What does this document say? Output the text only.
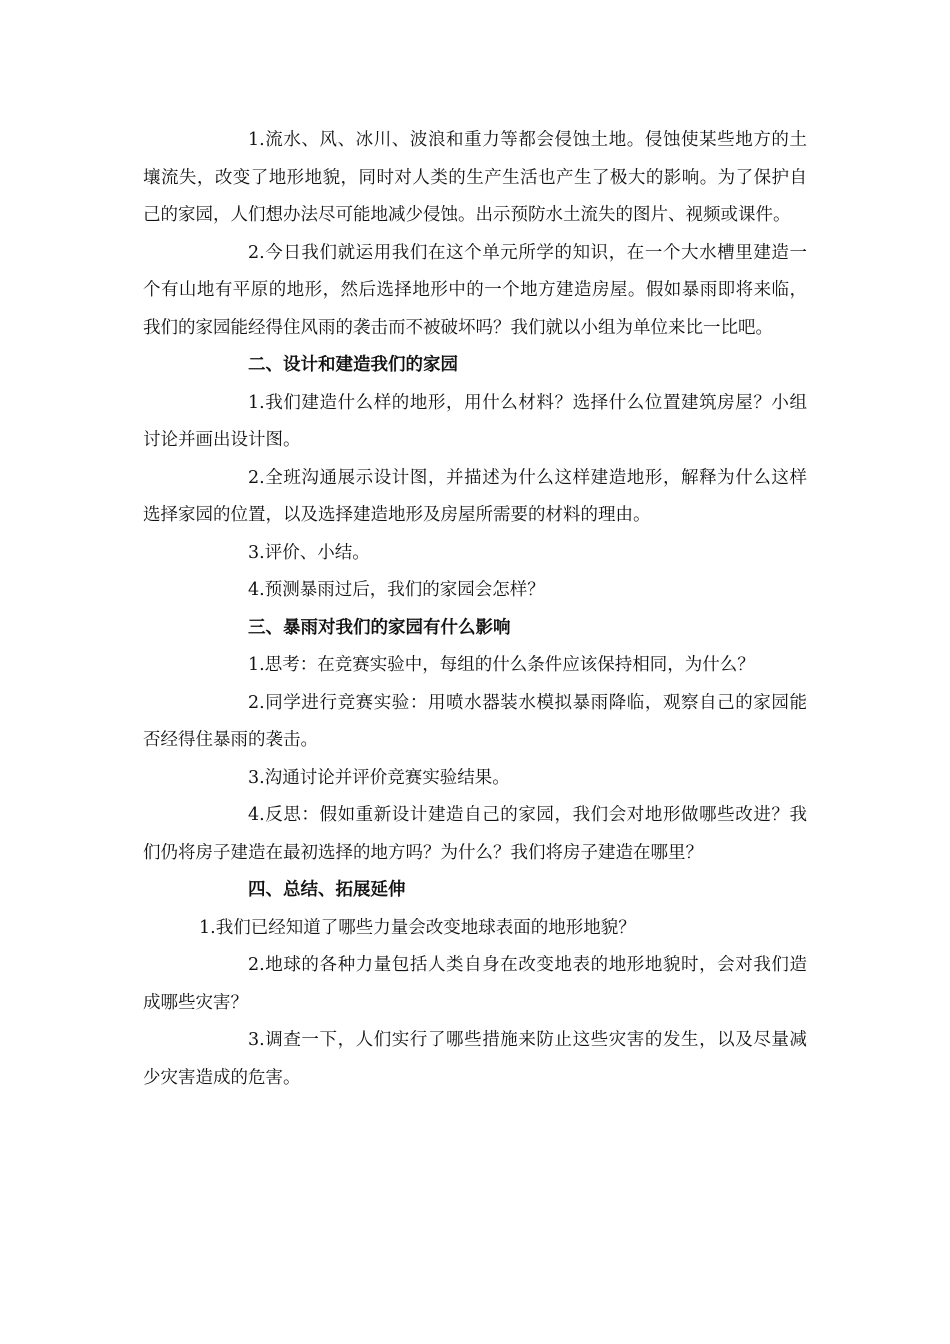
1.流水、风、冰川、波浪和重力等都会侵蚀土地。侵蚀使某些地方的土壤流失，改变了地形地貌，同时对人类的生产生活也产生了极大的影响。为了保护自己的家园，人们想办法尽可能地减少侵蚀。出示预防水土流失的图片、视频或课件。

2.今日我们就运用我们在这个单元所学的知识，在一个大水槽里建造一个有山地有平原的地形，然后选择地形中的一个地方建造房屋。假如暴雨即将来临，我们的家园能经得住风雨的袭击而不被破坏吗？我们就以小组为单位来比一比吧。

二、设计和建造我们的家园

1.我们建造什么样的地形，用什么材料？选择什么位置建筑房屋？小组讨论并画出设计图。

2.全班沟通展示设计图，并描述为什么这样建造地形，解释为什么这样选择家园的位置，以及选择建造地形及房屋所需要的材料的理由。

3.评价、小结。

4.预测暴雨过后，我们的家园会怎样？

三、暴雨对我们的家园有什么影响

1.思考：在竞赛实验中，每组的什么条件应该保持相同，为什么？

2.同学进行竞赛实验：用喷水器装水模拟暴雨降临，观察自己的家园能否经得住暴雨的袭击。

3.沟通讨论并评价竞赛实验结果。

4.反思：假如重新设计建造自己的家园，我们会对地形做哪些改进？我们仍将房子建造在最初选择的地方吗？为什么？我们将房子建造在哪里？

四、总结、拓展延伸

1.我们已经知道了哪些力量会改变地球表面的地形地貌？

2.地球的各种力量包括人类自身在改变地表的地形地貌时，会对我们造成哪些灾害？

3.调查一下，人们实行了哪些措施来防止这些灾害的发生，以及尽量减少灾害造成的危害。
